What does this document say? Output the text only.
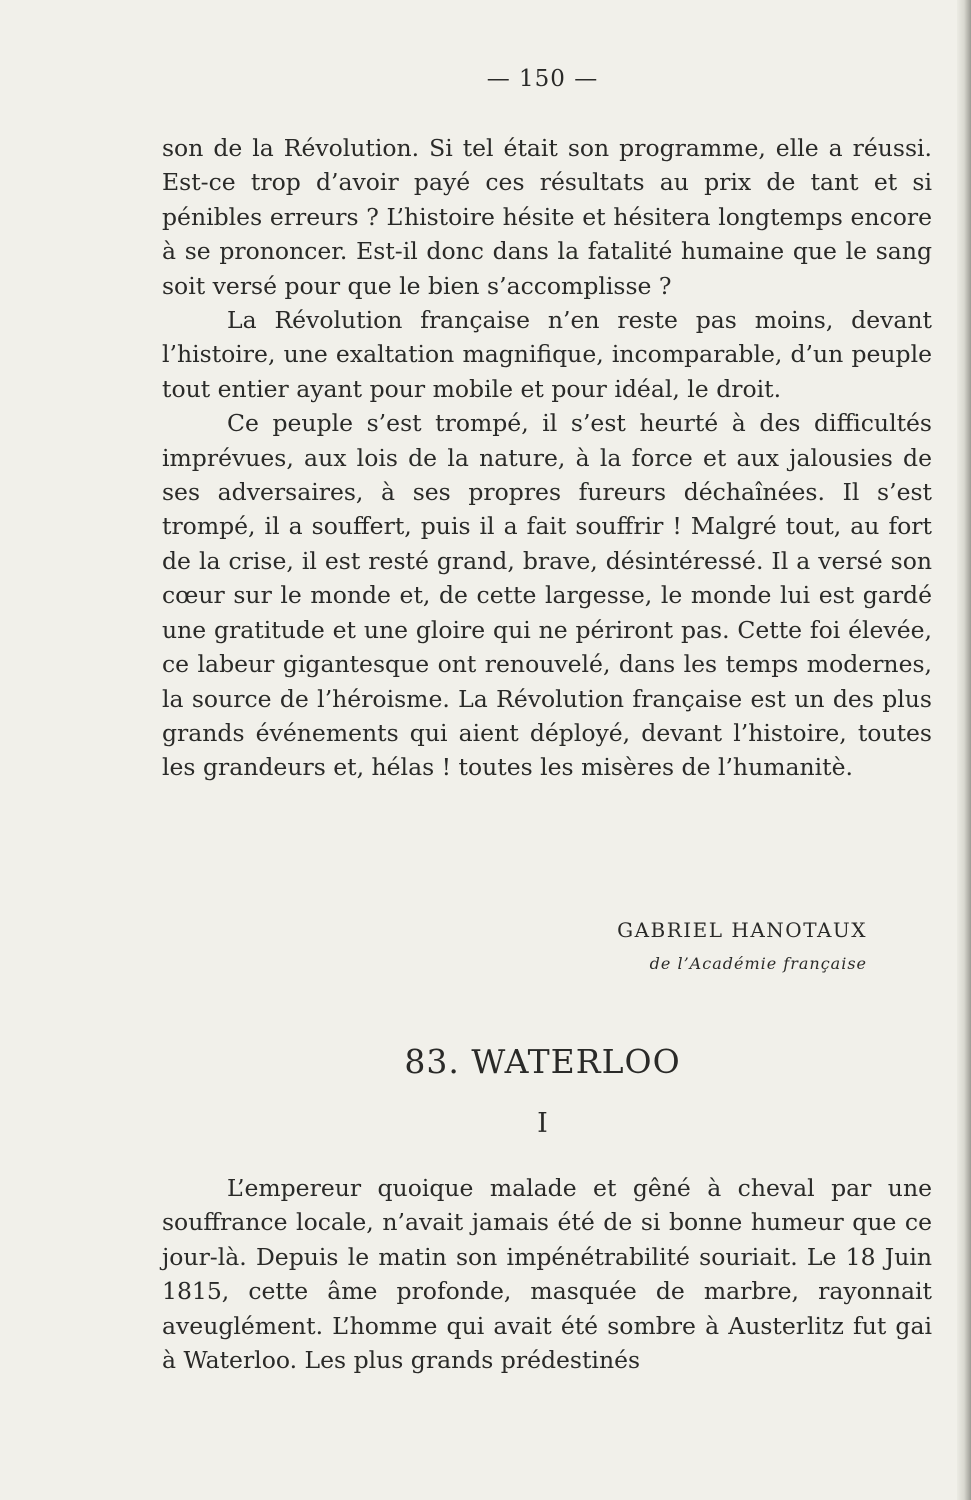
— 150 —

son de la Révolution. Si tel était son programme, elle a réussi. Est-ce trop d’avoir payé ces résultats au prix de tant et si pénibles erreurs ? L’histoire hésite et hésitera longtemps encore à se prononcer. Est-il donc dans la fatalité humaine que le sang soit versé pour que le bien s’accomplisse ?

La Révolution française n’en reste pas moins, devant l’histoire, une exaltation magnifique, incomparable, d’un peuple tout entier ayant pour mobile et pour idéal, le droit.

Ce peuple s’est trompé, il s’est heurté à des difficultés imprévues, aux lois de la nature, à la force et aux jalousies de ses adversaires, à ses propres fureurs déchaînées. Il s’est trompé, il a souffert, puis il a fait souffrir ! Malgré tout, au fort de la crise, il est resté grand, brave, désintéressé. Il a versé son cœur sur le monde et, de cette largesse, le monde lui est gardé une gratitude et une gloire qui ne périront pas. Cette foi élevée, ce labeur gigantesque ont renouvelé, dans les temps modernes, la source de l’héroisme. La Révolution française est un des plus grands événements qui aient déployé, devant l’histoire, toutes les grandeurs et, hélas ! toutes les misères de l’humanitè.

GABRIEL HANOTAUX
de l’Académie française
83. WATERLOO
I

L’empereur quoique malade et gêné à cheval par une souffrance locale, n’avait jamais été de si bonne humeur que ce jour-là. Depuis le matin son impénétrabilité souriait. Le 18 Juin 1815, cette âme profonde, masquée de marbre, rayonnait aveuglément. L’homme qui avait été sombre à Austerlitz fut gai à Waterloo. Les plus grands prédestinés
